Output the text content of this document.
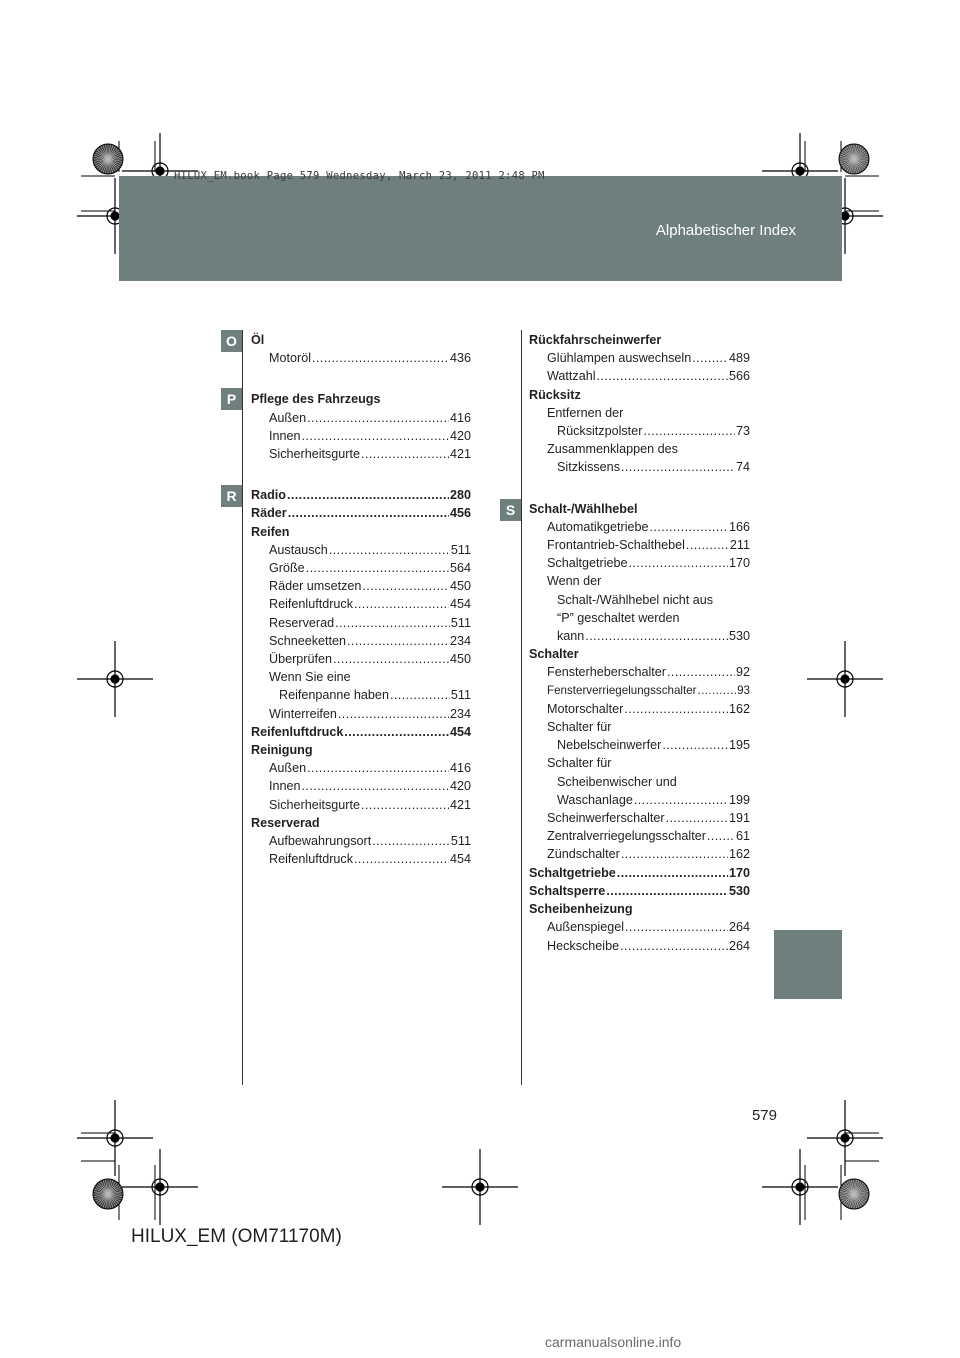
Alphabetischer Index
HILUX_EM.book Page 579 Wednesday, March 23, 2011 2:48 PM
O
P
R
S
Öl
Motoröl .....	436
Pflege des Fahrzeugs
Außen .....	416
Innen .....	420
Sicherheitsgurte .....	421
Radio .....	280
Räder .....	456
Reifen
Austausch .....	511
Größe .....	564
Räder umsetzen .....	450
Reifenluftdruck .....	454
Reserverad .....	511
Schneeketten .....	234
Überprüfen .....	450
Wenn Sie eine
Reifenpanne haben .....	511
Winterreifen .....	234
Reifenluftdruck .....	454
Reinigung
Außen .....	416
Innen .....	420
Sicherheitsgurte .....	421
Reserverad
Aufbewahrungsort .....	511
Reifenluftdruck .....	454
Rückfahrscheinwerfer
Glühlampen auswechseln .....	489
Wattzahl .....	566
Rücksitz
Entfernen der
Rücksitzpolster .....	73
Zusammenklappen des
Sitzkissens .....	74
Schalt-/Wählhebel
Automatikgetriebe .....	166
Frontantrieb-Schalthebel .....	211
Schaltgetriebe .....	170
Wenn der
Schalt-/Wählhebel nicht aus
“P” geschaltet werden
kann .....	530
Schalter
Fensterheberschalter .....	92
Fensterverriegelungsschalter .....	93
Motorschalter .....	162
Schalter für
Nebelscheinwerfer .....	195
Schalter für
Scheibenwischer und
Waschanlage .....	199
Scheinwerferschalter .....	191
Zentralverriegelungsschalter ..... 61
Zündschalter .....	162
Schaltgetriebe .....	170
Schaltsperre .....	530
Scheibenheizung
Außenspiegel .....	264
Heckscheibe .....	264
579
HILUX_EM (OM71170M)
carmanualsonline.info
